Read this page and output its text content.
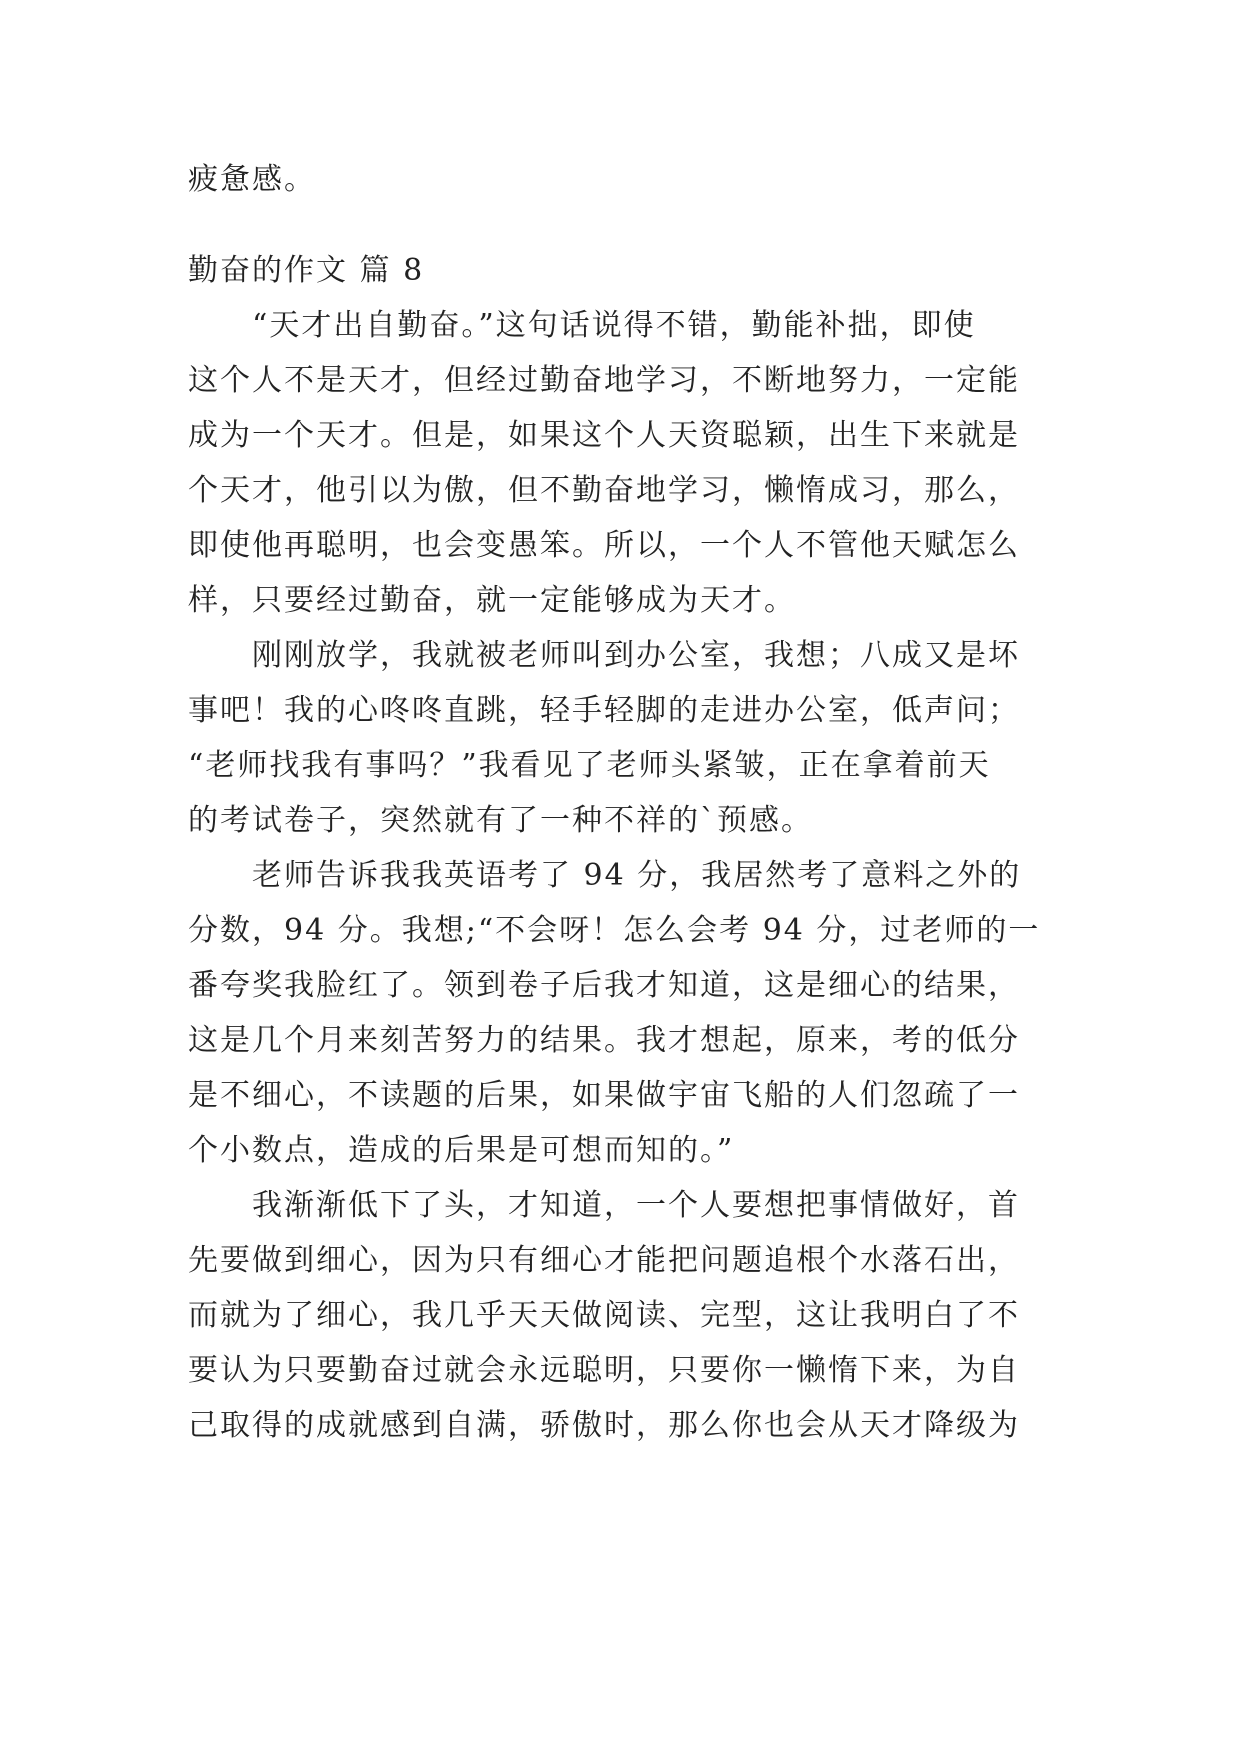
疲惫感。
勤奋的作文 篇 8
“天才出自勤奋。”这句话说得不错，勤能补拙，即使
这个人不是天才，但经过勤奋地学习，不断地努力，一定能
成为一个天才。但是，如果这个人天资聪颖，出生下来就是
个天才，他引以为傲，但不勤奋地学习，懒惰成习，那么，
即使他再聪明，也会变愚笨。所以，一个人不管他天赋怎么
样，只要经过勤奋，就一定能够成为天才。
刚刚放学，我就被老师叫到办公室，我想；八成又是坏
事吧！我的心咚咚直跳，轻手轻脚的走进办公室，低声问；
“老师找我有事吗？”我看见了老师头紧皱，正在拿着前天
的考试卷子，突然就有了一种不祥的`预感。
老师告诉我我英语考了 94 分，我居然考了意料之外的
分数，94 分。我想;“不会呀！怎么会考 94 分，过老师的一
番夸奖我脸红了。领到卷子后我才知道，这是细心的结果，
这是几个月来刻苦努力的结果。我才想起，原来，考的低分
是不细心，不读题的后果，如果做宇宙飞船的人们忽疏了一
个小数点，造成的后果是可想而知的。”
我渐渐低下了头，才知道，一个人要想把事情做好，首
先要做到细心，因为只有细心才能把问题追根个水落石出，
而就为了细心，我几乎天天做阅读、完型，这让我明白了不
要认为只要勤奋过就会永远聪明，只要你一懒惰下来，为自
己取得的成就感到自满，骄傲时，那么你也会从天才降级为
